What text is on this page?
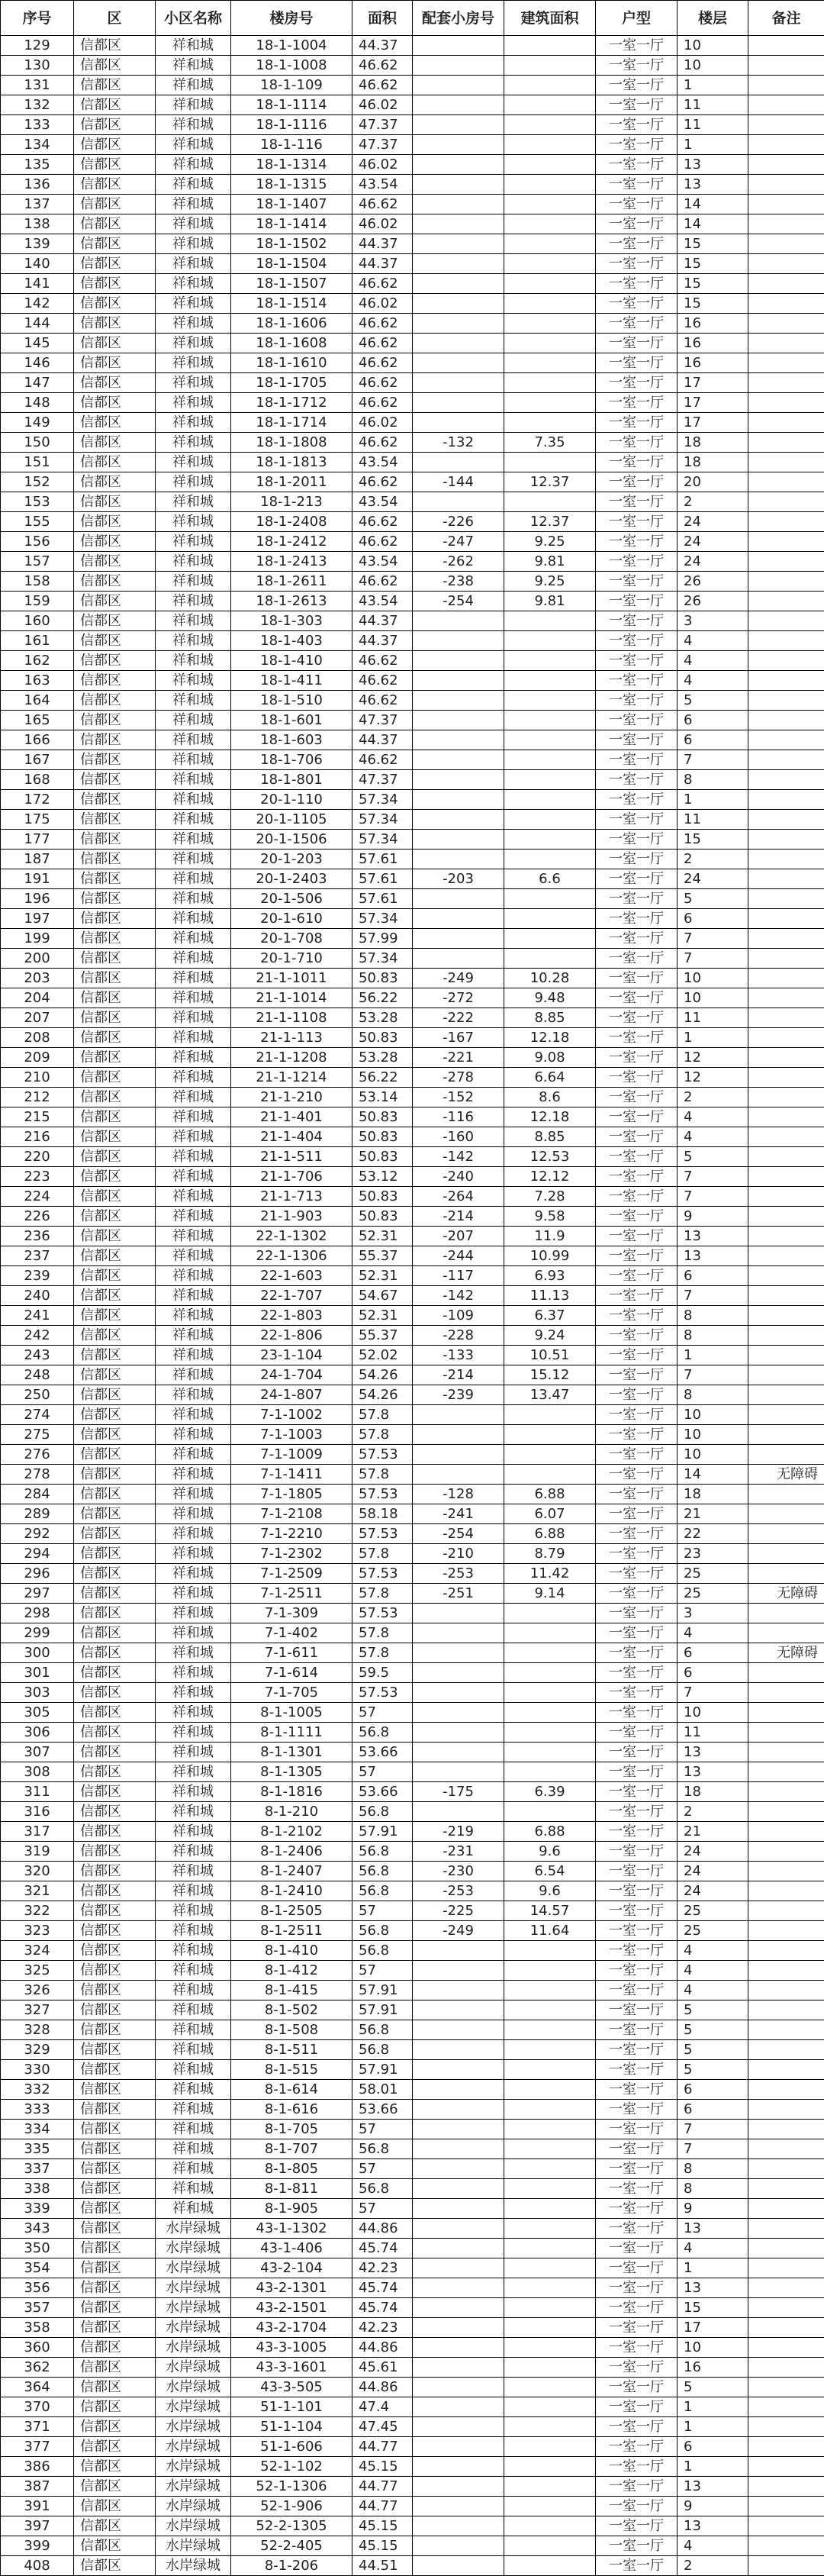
序号	区	小区名称	楼房号	面积	配套小房号	建筑面积	户型	楼层	备注
129	信都区	祥和城	18-1-1004	44.37			一室一厅	10	
130	信都区	祥和城	18-1-1008	46.62			一室一厅	10	
131	信都区	祥和城	18-1-109	46.62			一室一厅	1	
132	信都区	祥和城	18-1-1114	46.02			一室一厅	11	
133	信都区	祥和城	18-1-1116	47.37			一室一厅	11	
134	信都区	祥和城	18-1-116	47.37			一室一厅	1	
135	信都区	祥和城	18-1-1314	46.02			一室一厅	13	
136	信都区	祥和城	18-1-1315	43.54			一室一厅	13	
137	信都区	祥和城	18-1-1407	46.62			一室一厅	14	
138	信都区	祥和城	18-1-1414	46.02			一室一厅	14	
139	信都区	祥和城	18-1-1502	44.37			一室一厅	15	
140	信都区	祥和城	18-1-1504	44.37			一室一厅	15	
141	信都区	祥和城	18-1-1507	46.62			一室一厅	15	
142	信都区	祥和城	18-1-1514	46.02			一室一厅	15	
144	信都区	祥和城	18-1-1606	46.62			一室一厅	16	
145	信都区	祥和城	18-1-1608	46.62			一室一厅	16	
146	信都区	祥和城	18-1-1610	46.62			一室一厅	16	
147	信都区	祥和城	18-1-1705	46.62			一室一厅	17	
148	信都区	祥和城	18-1-1712	46.62			一室一厅	17	
149	信都区	祥和城	18-1-1714	46.02			一室一厅	17	
150	信都区	祥和城	18-1-1808	46.62	-132	7.35	一室一厅	18	
151	信都区	祥和城	18-1-1813	43.54			一室一厅	18	
152	信都区	祥和城	18-1-2011	46.62	-144	12.37	一室一厅	20	
153	信都区	祥和城	18-1-213	43.54			一室一厅	2	
155	信都区	祥和城	18-1-2408	46.62	-226	12.37	一室一厅	24	
156	信都区	祥和城	18-1-2412	46.62	-247	9.25	一室一厅	24	
157	信都区	祥和城	18-1-2413	43.54	-262	9.81	一室一厅	24	
158	信都区	祥和城	18-1-2611	46.62	-238	9.25	一室一厅	26	
159	信都区	祥和城	18-1-2613	43.54	-254	9.81	一室一厅	26	
160	信都区	祥和城	18-1-303	44.37			一室一厅	3	
161	信都区	祥和城	18-1-403	44.37			一室一厅	4	
162	信都区	祥和城	18-1-410	46.62			一室一厅	4	
163	信都区	祥和城	18-1-411	46.62			一室一厅	4	
164	信都区	祥和城	18-1-510	46.62			一室一厅	5	
165	信都区	祥和城	18-1-601	47.37			一室一厅	6	
166	信都区	祥和城	18-1-603	44.37			一室一厅	6	
167	信都区	祥和城	18-1-706	46.62			一室一厅	7	
168	信都区	祥和城	18-1-801	47.37			一室一厅	8	
172	信都区	祥和城	20-1-110	57.34			一室一厅	1	
175	信都区	祥和城	20-1-1105	57.34			一室一厅	11	
177	信都区	祥和城	20-1-1506	57.34			一室一厅	15	
187	信都区	祥和城	20-1-203	57.61			一室一厅	2	
191	信都区	祥和城	20-1-2403	57.61	-203	6.6	一室一厅	24	
196	信都区	祥和城	20-1-506	57.61			一室一厅	5	
197	信都区	祥和城	20-1-610	57.34			一室一厅	6	
199	信都区	祥和城	20-1-708	57.99			一室一厅	7	
200	信都区	祥和城	20-1-710	57.34			一室一厅	7	
203	信都区	祥和城	21-1-1011	50.83	-249	10.28	一室一厅	10	
204	信都区	祥和城	21-1-1014	56.22	-272	9.48	一室一厅	10	
207	信都区	祥和城	21-1-1108	53.28	-222	8.85	一室一厅	11	
208	信都区	祥和城	21-1-113	50.83	-167	12.18	一室一厅	1	
209	信都区	祥和城	21-1-1208	53.28	-221	9.08	一室一厅	12	
210	信都区	祥和城	21-1-1214	56.22	-278	6.64	一室一厅	12	
212	信都区	祥和城	21-1-210	53.14	-152	8.6	一室一厅	2	
215	信都区	祥和城	21-1-401	50.83	-116	12.18	一室一厅	4	
216	信都区	祥和城	21-1-404	50.83	-160	8.85	一室一厅	4	
220	信都区	祥和城	21-1-511	50.83	-142	12.53	一室一厅	5	
223	信都区	祥和城	21-1-706	53.12	-240	12.12	一室一厅	7	
224	信都区	祥和城	21-1-713	50.83	-264	7.28	一室一厅	7	
226	信都区	祥和城	21-1-903	50.83	-214	9.58	一室一厅	9	
236	信都区	祥和城	22-1-1302	52.31	-207	11.9	一室一厅	13	
237	信都区	祥和城	22-1-1306	55.37	-244	10.99	一室一厅	13	
239	信都区	祥和城	22-1-603	52.31	-117	6.93	一室一厅	6	
240	信都区	祥和城	22-1-707	54.67	-142	11.13	一室一厅	7	
241	信都区	祥和城	22-1-803	52.31	-109	6.37	一室一厅	8	
242	信都区	祥和城	22-1-806	55.37	-228	9.24	一室一厅	8	
243	信都区	祥和城	23-1-104	52.02	-133	10.51	一室一厅	1	
248	信都区	祥和城	24-1-704	54.26	-214	15.12	一室一厅	7	
250	信都区	祥和城	24-1-807	54.26	-239	13.47	一室一厅	8	
274	信都区	祥和城	7-1-1002	57.8			一室一厅	10	
275	信都区	祥和城	7-1-1003	57.8			一室一厅	10	
276	信都区	祥和城	7-1-1009	57.53			一室一厅	10	
278	信都区	祥和城	7-1-1411	57.8			一室一厅	14	无障碍
284	信都区	祥和城	7-1-1805	57.53	-128	6.88	一室一厅	18	
289	信都区	祥和城	7-1-2108	58.18	-241	6.07	一室一厅	21	
292	信都区	祥和城	7-1-2210	57.53	-254	6.88	一室一厅	22	
294	信都区	祥和城	7-1-2302	57.8	-210	8.79	一室一厅	23	
296	信都区	祥和城	7-1-2509	57.53	-253	11.42	一室一厅	25	
297	信都区	祥和城	7-1-2511	57.8	-251	9.14	一室一厅	25	无障碍
298	信都区	祥和城	7-1-309	57.53			一室一厅	3	
299	信都区	祥和城	7-1-402	57.8			一室一厅	4	
300	信都区	祥和城	7-1-611	57.8			一室一厅	6	无障碍
301	信都区	祥和城	7-1-614	59.5			一室一厅	6	
303	信都区	祥和城	7-1-705	57.53			一室一厅	7	
305	信都区	祥和城	8-1-1005	57			一室一厅	10	
306	信都区	祥和城	8-1-1111	56.8			一室一厅	11	
307	信都区	祥和城	8-1-1301	53.66			一室一厅	13	
308	信都区	祥和城	8-1-1305	57			一室一厅	13	
311	信都区	祥和城	8-1-1816	53.66	-175	6.39	一室一厅	18	
316	信都区	祥和城	8-1-210	56.8			一室一厅	2	
317	信都区	祥和城	8-1-2102	57.91	-219	6.88	一室一厅	21	
319	信都区	祥和城	8-1-2406	56.8	-231	9.6	一室一厅	24	
320	信都区	祥和城	8-1-2407	56.8	-230	6.54	一室一厅	24	
321	信都区	祥和城	8-1-2410	56.8	-253	9.6	一室一厅	24	
322	信都区	祥和城	8-1-2505	57	-225	14.57	一室一厅	25	
323	信都区	祥和城	8-1-2511	56.8	-249	11.64	一室一厅	25	
324	信都区	祥和城	8-1-410	56.8			一室一厅	4	
325	信都区	祥和城	8-1-412	57			一室一厅	4	
326	信都区	祥和城	8-1-415	57.91			一室一厅	4	
327	信都区	祥和城	8-1-502	57.91			一室一厅	5	
328	信都区	祥和城	8-1-508	56.8			一室一厅	5	
329	信都区	祥和城	8-1-511	56.8			一室一厅	5	
330	信都区	祥和城	8-1-515	57.91			一室一厅	5	
332	信都区	祥和城	8-1-614	58.01			一室一厅	6	
333	信都区	祥和城	8-1-616	53.66			一室一厅	6	
334	信都区	祥和城	8-1-705	57			一室一厅	7	
335	信都区	祥和城	8-1-707	56.8			一室一厅	7	
337	信都区	祥和城	8-1-805	57			一室一厅	8	
338	信都区	祥和城	8-1-811	56.8			一室一厅	8	
339	信都区	祥和城	8-1-905	57			一室一厅	9	
343	信都区	水岸绿城	43-1-1302	44.86			一室一厅	13	
350	信都区	水岸绿城	43-1-406	45.74			一室一厅	4	
354	信都区	水岸绿城	43-2-104	42.23			一室一厅	1	
356	信都区	水岸绿城	43-2-1301	45.74			一室一厅	13	
357	信都区	水岸绿城	43-2-1501	45.74			一室一厅	15	
358	信都区	水岸绿城	43-2-1704	42.23			一室一厅	17	
360	信都区	水岸绿城	43-3-1005	44.86			一室一厅	10	
362	信都区	水岸绿城	43-3-1601	45.61			一室一厅	16	
364	信都区	水岸绿城	43-3-505	44.86			一室一厅	5	
370	信都区	水岸绿城	51-1-101	47.4			一室一厅	1	
371	信都区	水岸绿城	51-1-104	47.45			一室一厅	1	
377	信都区	水岸绿城	51-1-606	44.77			一室一厅	6	
386	信都区	水岸绿城	52-1-102	45.15			一室一厅	1	
387	信都区	水岸绿城	52-1-1306	44.77			一室一厅	13	
391	信都区	水岸绿城	52-1-906	44.77			一室一厅	9	
397	信都区	水岸绿城	52-2-1305	45.15			一室一厅	13	
399	信都区	水岸绿城	52-2-405	45.15			一室一厅	4	
408	信都区	水岸绿城	8-1-206	44.51			一室一厅	2	
